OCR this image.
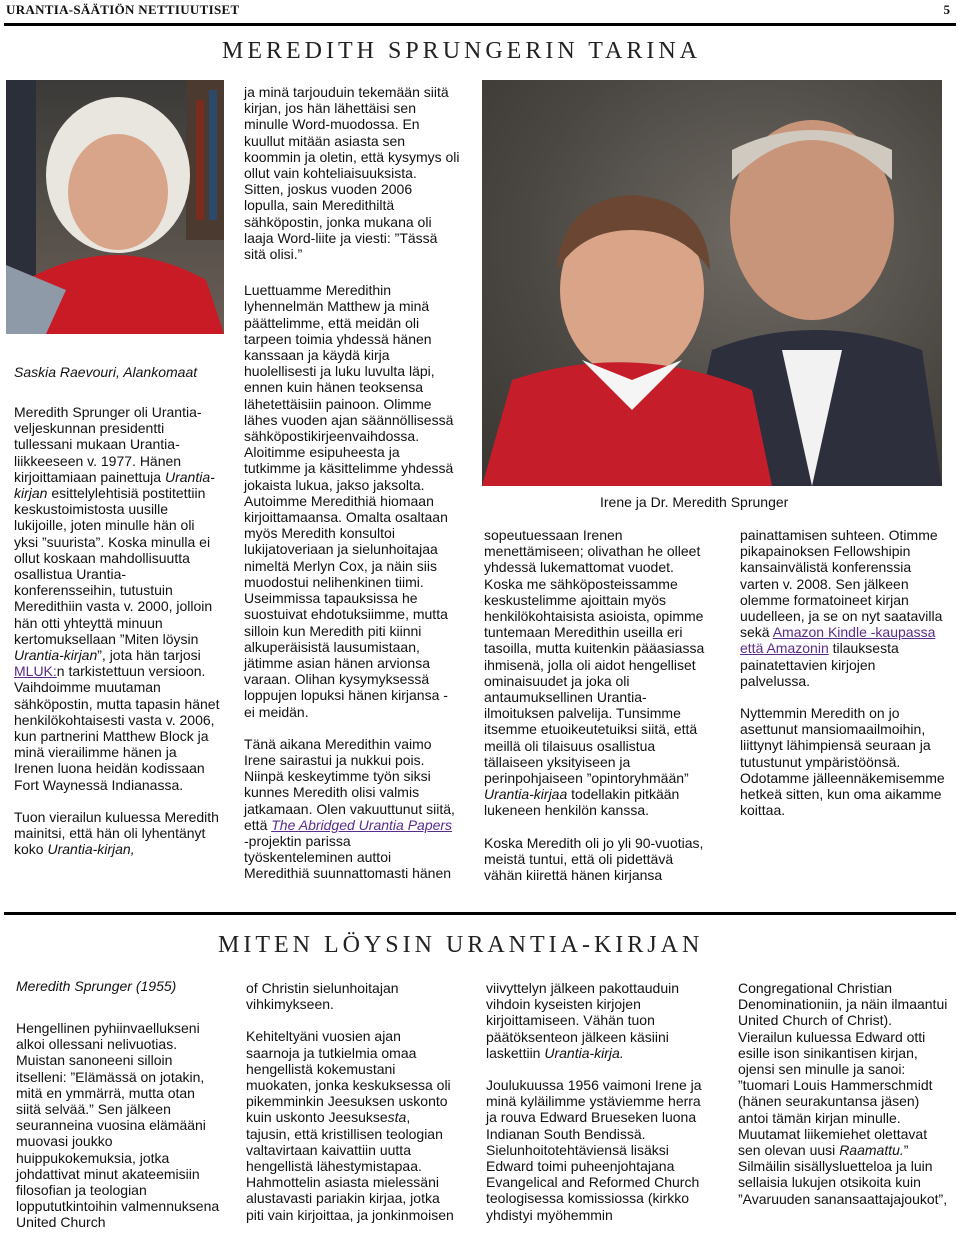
URANTIA-SÄÄTIÖN NETTIUUTISET	5
MEREDITH SPRUNGERIN TARINA
Saskia Raevouri, Alankomaat

Meredith Sprunger oli Urantia-veljeskunnan presidentti tullessani mukaan Urantia-liikkeeseen v. 1977. Hänen kirjoittamiaan painettuja Urantia-kirjan esittelylehtisiä postitettiin keskustoimistosta uusille lukijoille, joten minulle hän oli yksi ”suurista”. Koska minulla ei ollut koskaan mahdollisuutta osallistua Urantia-konferensseihin, tutustuin Meredithiin vasta v. 2000, jolloin hän otti yhteyttä minuun kertomuksellaan ”Miten löysin Urantia-kirjan”, jota hän tarjosi MLUK:n tarkistettuun versioon. Vaihdoimme muutaman sähköpostin, mutta tapasin hänet henkilökohtaisesti vasta v. 2006, kun partnerini Matthew Block ja minä vierailimme hänen ja Irenen luona heidän kodissaan Fort Waynessä Indianassa.

Tuon vierailun kuluessa Meredith mainitsi, että hän oli lyhentänyt koko Urantia-kirjan,

ja minä tarjouduin tekemään siitä kirjan, jos hän lähettäisi sen minulle Word-muodossa. En kuullut mitään asiasta sen koommin ja oletin, että kysymys oli ollut vain kohteliaisuuksista. Sitten, joskus vuoden 2006 lopulla, sain Meredithiltä sähköpostin, jonka mukana oli laaja Word-liite ja viesti: ”Tässä sitä olisi.”

Luettuamme Meredithin lyhennelmän Matthew ja minä päättelimme, että meidän oli tarpeen toimia yhdessä hänen kanssaan ja käydä kirja huolellisesti ja luku luvulta läpi, ennen kuin hänen teoksensa lähetettäisiin painoon. Olimme lähes vuoden ajan säännöllisessä sähköpostikirjeenvaihdossa. Aloitimme esipuheesta ja tutkimme ja käsittelimme yhdessä jokaista lukua, jakso jaksolta. Autoimme Meredithiä hiomaan kirjoittamaansa. Omalta osaltaan myös Meredith konsultoi lukijatoveriaan ja sielunhoitajaa nimeltä Merlyn Cox, ja näin siis muodostui nelihenkinen tiimi. Useimmissa tapauksissa he suostuivat ehdotuksiimme, mutta silloin kun Meredith piti kiinni alkuperäisistä lausumistaan, jätimme asian hänen arvionsa varaan. Olihan kysymyksessä loppujen lopuksi hänen kirjansa - ei meidän.

Tänä aikana Meredithin vaimo Irene sairastui ja nukkui pois. Niinpä keskeytimme työn siksi kunnes Meredith olisi valmis jatkamaan. Olen vakuuttunut siitä, että The Abridged Urantia Papers -projektin parissa työskenteleminen auttoi Meredithiä suunnattomasti hänen

Irene ja Dr. Meredith Sprunger

sopeutuessaan Irenen menettämiseen; olivathan he olleet yhdessä lukemattomat vuodet. Koska me sähköposteissamme keskustelimme ajoittain myös henkilökohtaisista asioista, opimme tuntemaan Meredithin useilla eri tasoilla, mutta kuitenkin pääasiassa ihmisenä, jolla oli aidot hengelliset ominaisuudet ja joka oli antaumuksellinen Urantia-ilmoituksen palvelija. Tunsimme itsemme etuoikeutetuiksi siitä, että meillä oli tilaisuus osallistua tällaiseen yksityiseen ja perinpohjaiseen ”opintoryhmään” Urantia-kirjaa todellakin pitkään lukeneen henkilön kanssa.

Koska Meredith oli jo yli 90-vuotias, meistä tuntui, että oli pidettävä vähän kiirettä hänen kirjansa

painattamisen suhteen. Otimme pikapainoksen Fellowshipin kansainvälistä konferenssia varten v. 2008. Sen jälkeen olemme formatoineet kirjan uudelleen, ja se on nyt saatavilla sekä Amazon Kindle -kaupassa että Amazonin tilauksesta painatettavien kirjojen palvelussa.

Nyttemmin Meredith on jo asettunut mansiomaailmoihin, liittynyt lähimpiensä seuraan ja tutustunut ympäristöönsä. Odotamme jälleennäkemisemme hetkeä sitten, kun oma aikamme koittaa.

MITEN LÖYSIN URANTIA-KIRJAN
Meredith Sprunger (1955)

Hengellinen pyhiinvaellukseni alkoi ollessani nelivuotias. Muistan sanoneeni silloin itselleni: ”Elämässä on jotakin, mitä en ymmärrä, mutta otan siitä selvää.” Sen jälkeen seuranneina vuosina elämääni muovasi joukko huippukokemuksia, jotka johdattivat minut akateemisiin filosofian ja teologian loppututkintoihin valmennuksena United Church

of Christin sielunhoitajan vihkimykseen.

Kehiteltyäni vuosien ajan saarnoja ja tutkielmia omaa hengellistä kokemustani muokaten, jonka keskuksessa oli pikemminkin Jeesuksen uskonto kuin uskonto Jeesuksesta, tajusin, että kristillisen teologian valtavirtaan kaivattiin uutta hengellistä lähestymistapaa. Hahmottelin asiasta mielessäni alustavasti pariakin kirjaa, jotka piti vain kirjoittaa, ja jonkinmoisen

viivyttelyn jälkeen pakottauduin vihdoin kyseisten kirjojen kirjoittamiseen. Vähän tuon päätöksenteon jälkeen käsiini laskettiin Urantia-kirja.

Joulukuussa 1956 vaimoni Irene ja minä kyläilimme ystäviemme herra ja rouva Edward Brueseken luona Indianan South Bendissä. Sielunhoitotehtäviensä lisäksi Edward toimi puheenjohtajana Evangelical and Reformed Church teologisessa komissiossa (kirkko yhdistyi myöhemmin

Congregational Christian Denominationiin, ja näin ilmaantui United Church of Christ). Vierailun kuluessa Edward otti esille ison sinikantisen kirjan, ojensi sen minulle ja sanoi: ”tuomari Louis Hammerschmidt (hänen seurakuntansa jäsen) antoi tämän kirjan minulle. Muutamat liikemiehet olettavat sen olevan uusi Raamattu.” Silmäilin sisällysluetteloa ja luin sellaisia lukujen otsikoita kuin ”Avaruuden sanansaattajajoukot”,
